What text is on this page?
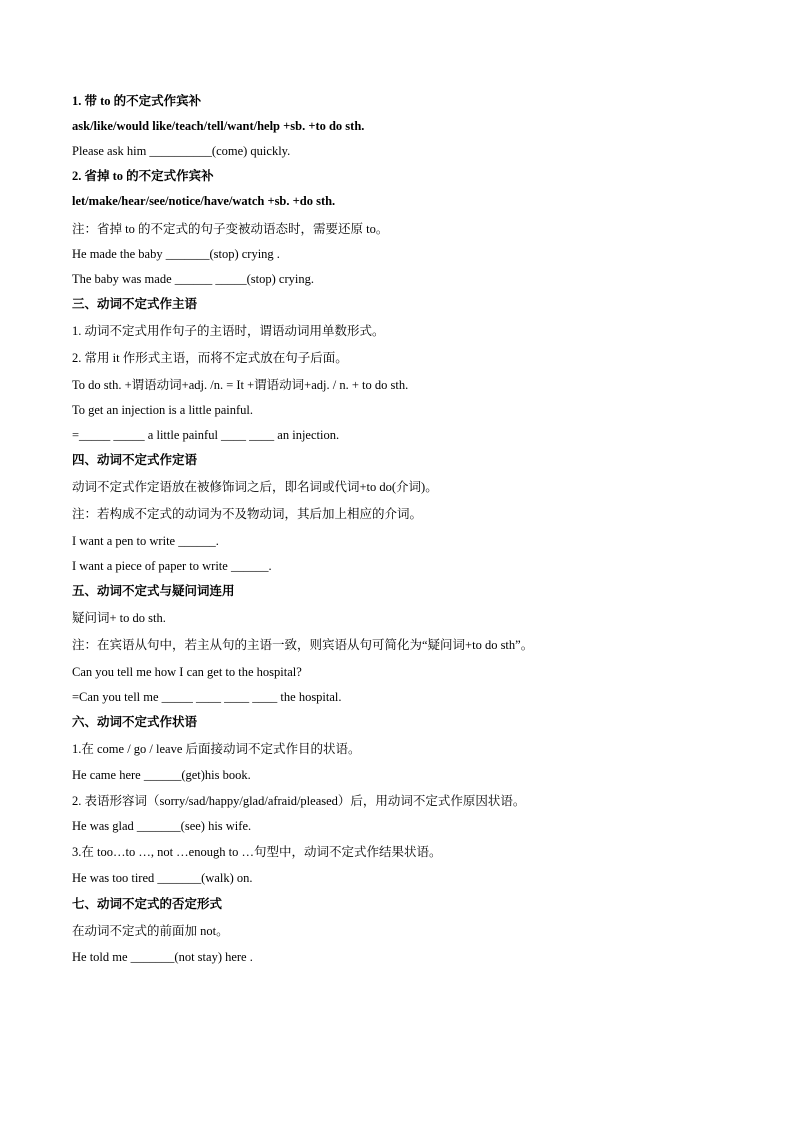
1. 带 to 的不定式作宾补
ask/like/would like/teach/tell/want/help +sb. +to do sth.
Please ask him __________(come) quickly.
2. 省掉 to 的不定式作宾补
let/make/hear/see/notice/have/watch +sb. +do sth.
注：省掉 to 的不定式的句子变被动语态时，需要还原 to。
He made the baby _______(stop) crying .
The baby was made ______ _____(stop) crying.
三、动词不定式作主语
1. 动词不定式用作句子的主语时，谓语动词用单数形式。
2. 常用 it 作形式主语，而将不定式放在句子后面。
To do sth. +谓语动词+adj. /n. = It +谓语动词+adj. / n. + to do sth.
To get an injection is a little painful.
=_____ _____ a little painful ____ ____ an injection.
四、动词不定式作定语
动词不定式作定语放在被修饰词之后，即名词或代词+to do(介词)。
注：若构成不定式的动词为不及物动词，其后加上相应的介词。
I want a pen to write ______.
I want a piece of paper to write ______.
五、动词不定式与疑问词连用
疑问词+ to do sth.
注：在宾语从句中，若主从句的主语一致，则宾语从句可简化为“疑问词+to do sth”。
Can you tell me how I can get to the hospital?
=Can you tell me _____ ____ ____ ____ the hospital.
六、动词不定式作状语
1.在 come / go / leave 后面接动词不定式作目的状语。
He came here ______(get)his book.
2. 表语形容词（sorry/sad/happy/glad/afraid/pleased）后，用动词不定式作原因状语。
He was glad _______(see) his wife.
3.在 too…to …, not …enough to …句型中，动词不定式作结果状语。
He was too tired _______(walk) on.
七、动词不定式的否定形式
在动词不定式的前面加 not。
He told me _______(not stay) here .
